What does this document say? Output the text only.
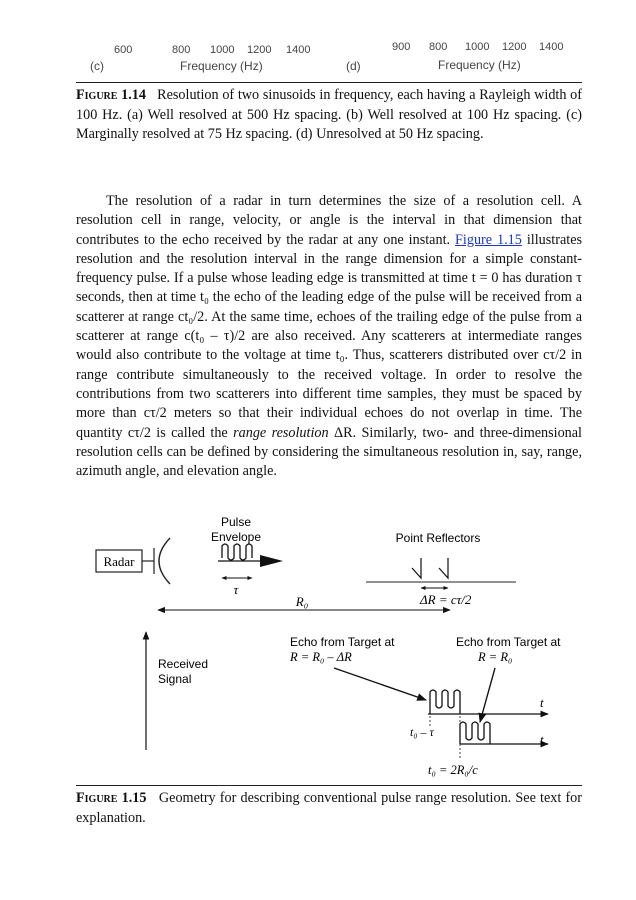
600	800 1000 1200 1400
(c)	Frequency (Hz)
900 800 1000 1200 1400
(d)	Frequency (Hz)
Figure 1.14 Resolution of two sinusoids in frequency, each having a Rayleigh width of 100 Hz. (a) Well resolved at 500 Hz spacing. (b) Well resolved at 100 Hz spacing. (c) Marginally resolved at 75 Hz spacing. (d) Unresolved at 50 Hz spacing.
The resolution of a radar in turn determines the size of a resolution cell. A resolution cell in range, velocity, or angle is the interval in that dimension that contributes to the echo received by the radar at any one instant. Figure 1.15 illustrates resolution and the resolution interval in the range dimension for a simple constant-frequency pulse. If a pulse whose leading edge is transmitted at time t = 0 has duration τ seconds, then at time t₀ the echo of the leading edge of the pulse will be received from a scatterer at range ct₀/2. At the same time, echoes of the trailing edge of the pulse from a scatterer at range c(t₀ – τ)/2 are also received. Any scatterers at intermediate ranges would also contribute to the voltage at time t₀. Thus, scatterers distributed over cτ/2 in range contribute simultaneously to the received voltage. In order to resolve the contributions from two scatterers into different time samples, they must be spaced by more than cτ/2 meters so that their individual echoes do not overlap in time. The quantity cτ/2 is called the range resolution ΔR. Similarly, two- and three-dimensional resolution cells can be defined by considering the simultaneous resolution in, say, range, azimuth angle, and elevation angle.
Radar
Pulse
Envelope
τ
Point Reflectors
ΔR = cτ/2
R₀
Received
Signal
Echo from Target at
R = R₀ – ΔR
Echo from Target at
R = R₀
t
t₀ – τ	t
t₀ = 2R₀/c
Figure 1.15 Geometry for describing conventional pulse range resolution. See text for explanation.
